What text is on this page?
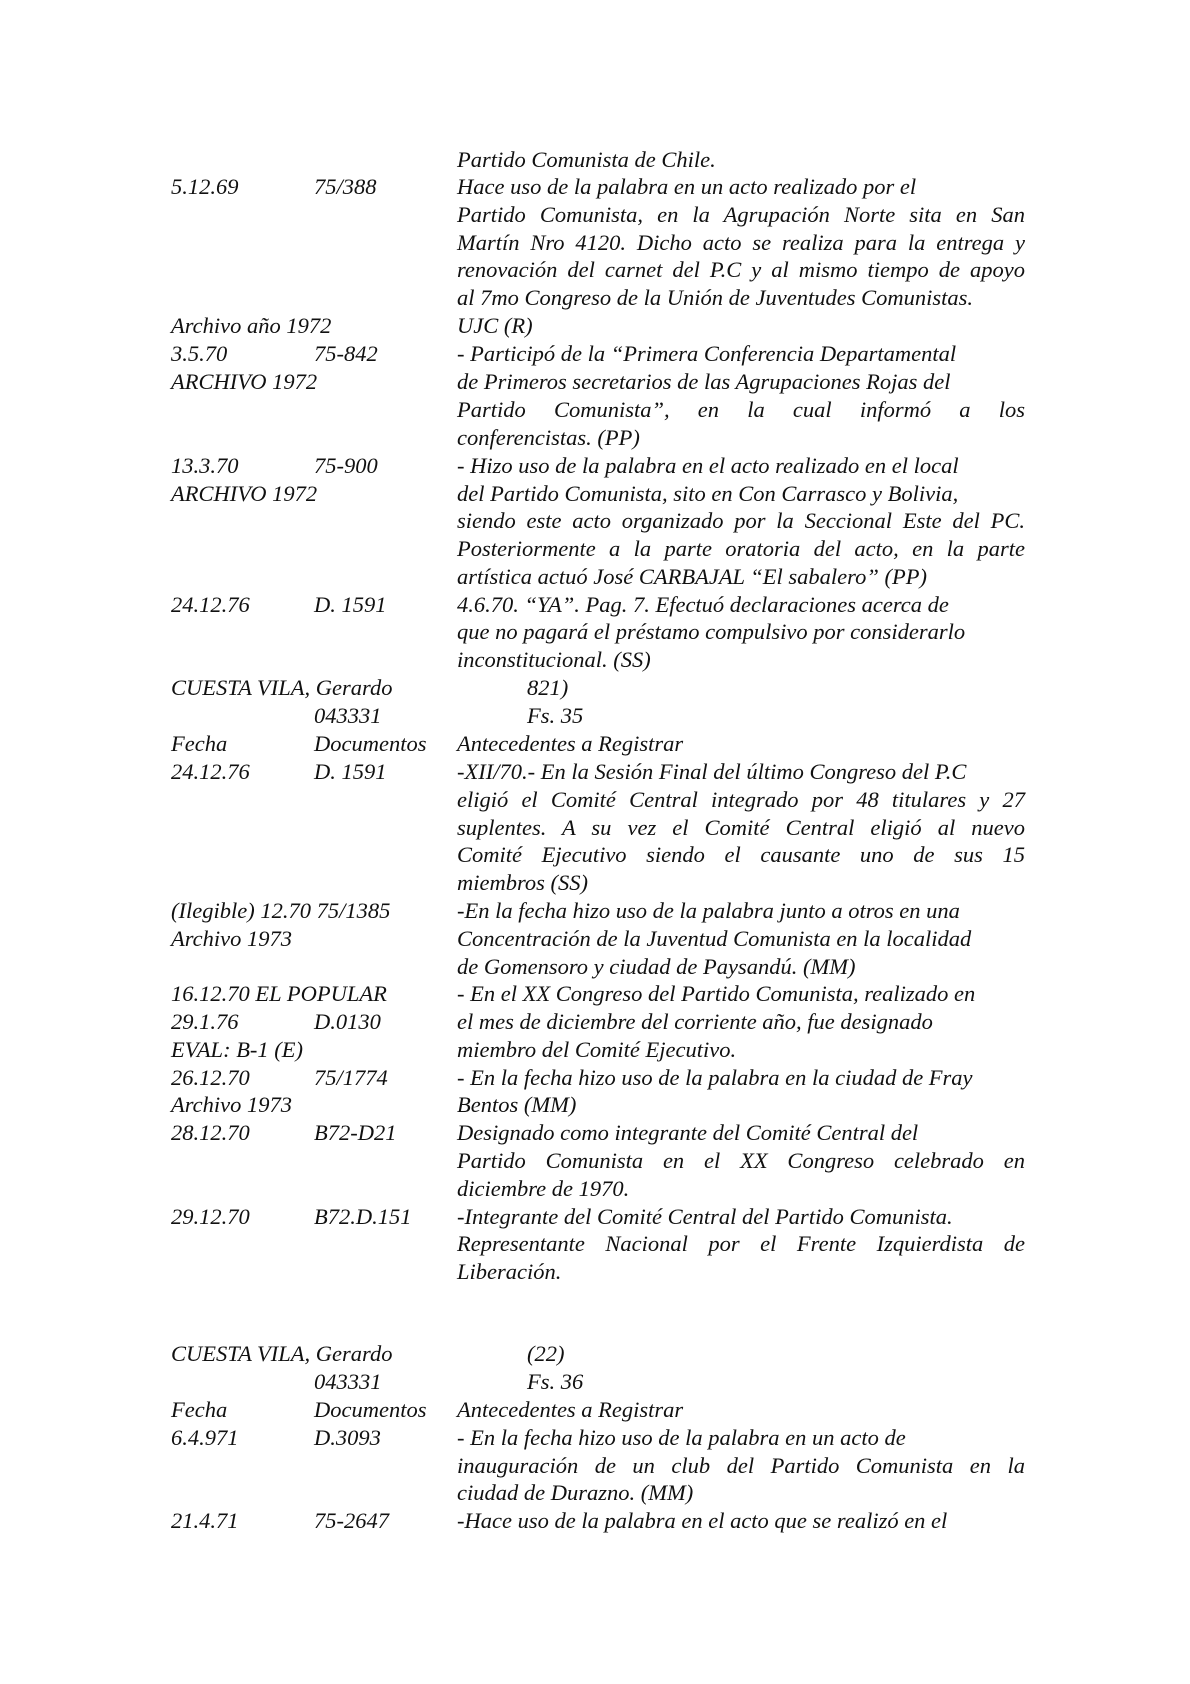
Partido Comunista de Chile.
5.12.69	75/388	Hace uso de la palabra en un acto realizado por el
Partido Comunista, en la Agrupación Norte sita en San
Martín Nro 4120. Dicho acto se realiza para la entrega y
renovación del carnet del P.C y al mismo tiempo de apoyo
al 7mo Congreso de la Unión de Juventudes Comunistas.
Archivo año 1972	UJC (R)
3.5.70	75-842	- Participó de la “Primera Conferencia Departamental
ARCHIVO 1972	de Primeros secretarios de las Agrupaciones Rojas del
Partido Comunista”, en la cual informó a los
conferencistas. (PP)
13.3.70	75-900	- Hizo uso de la palabra en el acto realizado en el local
ARCHIVO 1972	del Partido Comunista, sito en Con Carrasco y Bolivia,
siendo este acto organizado por la Seccional Este del PC.
Posteriormente a la parte oratoria del acto, en la parte
artística actuó José CARBAJAL “El sabalero” (PP)
24.12.76	D. 1591	4.6.70. “YA”. Pag. 7. Efectuó declaraciones acerca de
que no pagará el préstamo compulsivo por considerarlo
inconstitucional. (SS)
CUESTA VILA, Gerardo	821)
043331	Fs. 35
Fecha	Documentos Antecedentes a Registrar
24.12.76	D. 1591	-XII/70.- En la Sesión Final del último Congreso del P.C
eligió el Comité Central integrado por 48 titulares y 27
suplentes. A su vez el Comité Central eligió al nuevo
Comité Ejecutivo siendo el causante uno de sus 15
miembros (SS)
(Ilegible) 12.70 75/1385	-En la fecha hizo uso de la palabra junto a otros en una
Archivo 1973	Concentración de la Juventud Comunista en la localidad
de Gomensoro y ciudad de Paysandú. (MM)
16.12.70 EL POPULAR	- En el XX Congreso del Partido Comunista, realizado en
29.1.76	D.0130	el mes de diciembre del corriente año, fue designado
EVAL: B-1 (E)	miembro del Comité Ejecutivo.
26.12.70	75/1774	- En la fecha hizo uso de la palabra en la ciudad de Fray
Archivo 1973	Bentos (MM)
28.12.70	B72-D21	Designado como integrante del Comité Central del
Partido Comunista en el XX Congreso celebrado en
diciembre de 1970.
29.12.70	B72.D.151 -Integrante del Comité Central del Partido Comunista.
Representante Nacional por el Frente Izquierdista de
Liberación.
CUESTA VILA, Gerardo	(22)
043331	Fs. 36
Fecha	Documentos Antecedentes a Registrar
6.4.971	D.3093	- En la fecha hizo uso de la palabra en un acto de
inauguración de un club del Partido Comunista en la
ciudad de Durazno. (MM)
21.4.71	75-2647	-Hace uso de la palabra en el acto que se realizó en el
